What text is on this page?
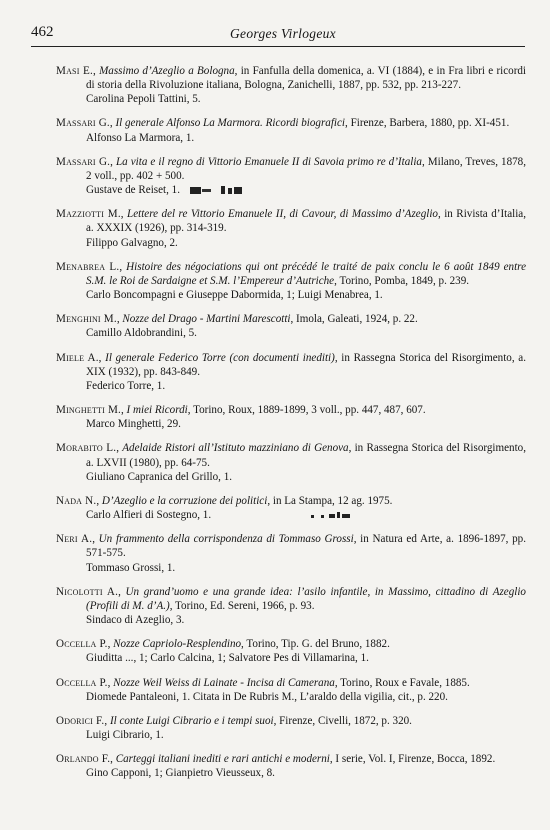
462	Georges Virlogeux

Masi E., Massimo d’Azeglio a Bologna, in Fanfulla della domenica, a. VI (1884), e in Fra libri e ricordi di storia della Rivoluzione italiana, Bologna, Zanichelli, 1887, pp. 532, pp. 213-227.

Carolina Pepoli Tattini, 5.

Massari G., Il generale Alfonso La Marmora. Ricordi biografici, Firenze, Barbera, 1880, pp. XI-451.

Alfonso La Marmora, 1.

Massari G., La vita e il regno di Vittorio Emanuele II di Savoia primo re d’Italia, Milano, Treves, 1878, 2 voll., pp. 402 + 500.

Gustave de Reiset, 1.

Mazziotti M., Lettere del re Vittorio Emanuele II, di Cavour, di Massimo d’Azeglio, in Rivista d’Italia, a. XXXIX (1926), pp. 314-319.

Filippo Galvagno, 2.

Menabrea L., Histoire des négociations qui ont précédé le traité de paix conclu le 6 août 1849 entre S.M. le Roi de Sardaigne et S.M. l’Empereur d’Autriche, Torino, Pomba, 1849, p. 239.

Carlo Boncompagni e Giuseppe Dabormida, 1; Luigi Menabrea, 1.

Menghini M., Nozze del Drago - Martini Marescotti, Imola, Galeati, 1924, p. 22.

Camillo Aldobrandini, 5.

Miele A., Il generale Federico Torre (con documenti inediti), in Rassegna Storica del Risorgimento, a. XIX (1932), pp. 843-849.

Federico Torre, 1.

Minghetti M., I miei Ricordi, Torino, Roux, 1889-1899, 3 voll., pp. 447, 487, 607.

Marco Minghetti, 29.

Morabito L., Adelaide Ristori all’Istituto mazziniano di Genova, in Rassegna Storica del Risorgimento, a. LXVII (1980), pp. 64-75.

Giuliano Capranica del Grillo, 1.

Nada N., D’Azeglio e la corruzione dei politici, in La Stampa, 12 ag. 1975.

Carlo Alfieri di Sostegno, 1.

Neri A., Un frammento della corrispondenza di Tommaso Grossi, in Natura ed Arte, a. 1896-1897, pp. 571-575.

Tommaso Grossi, 1.

Nicolotti A., Un grand’uomo e una grande idea: l’asilo infantile, in Massimo, cittadino di Azeglio (Profili di M. d’A.), Torino, Ed. Sereni, 1966, p. 93.

Sindaco di Azeglio, 3.

Occella P., Nozze Capriolo-Resplendino, Torino, Tip. G. del Bruno, 1882.

Giuditta ..., 1; Carlo Calcina, 1; Salvatore Pes di Villamarina, 1.

Occella P., Nozze Weil Weiss di Lainate - Incisa di Camerana, Torino, Roux e Favale, 1885.

Diomede Pantaleoni, 1. Citata in De Rubris M., L’araldo della vigilia, cit., p. 220.

Odorici F., Il conte Luigi Cibrario e i tempi suoi, Firenze, Civelli, 1872, p. 320.

Luigi Cibrario, 1.

Orlando F., Carteggi italiani inediti e rari antichi e moderni, I serie, Vol. I, Firenze, Bocca, 1892.

Gino Capponi, 1; Gianpietro Vieusseux, 8.
